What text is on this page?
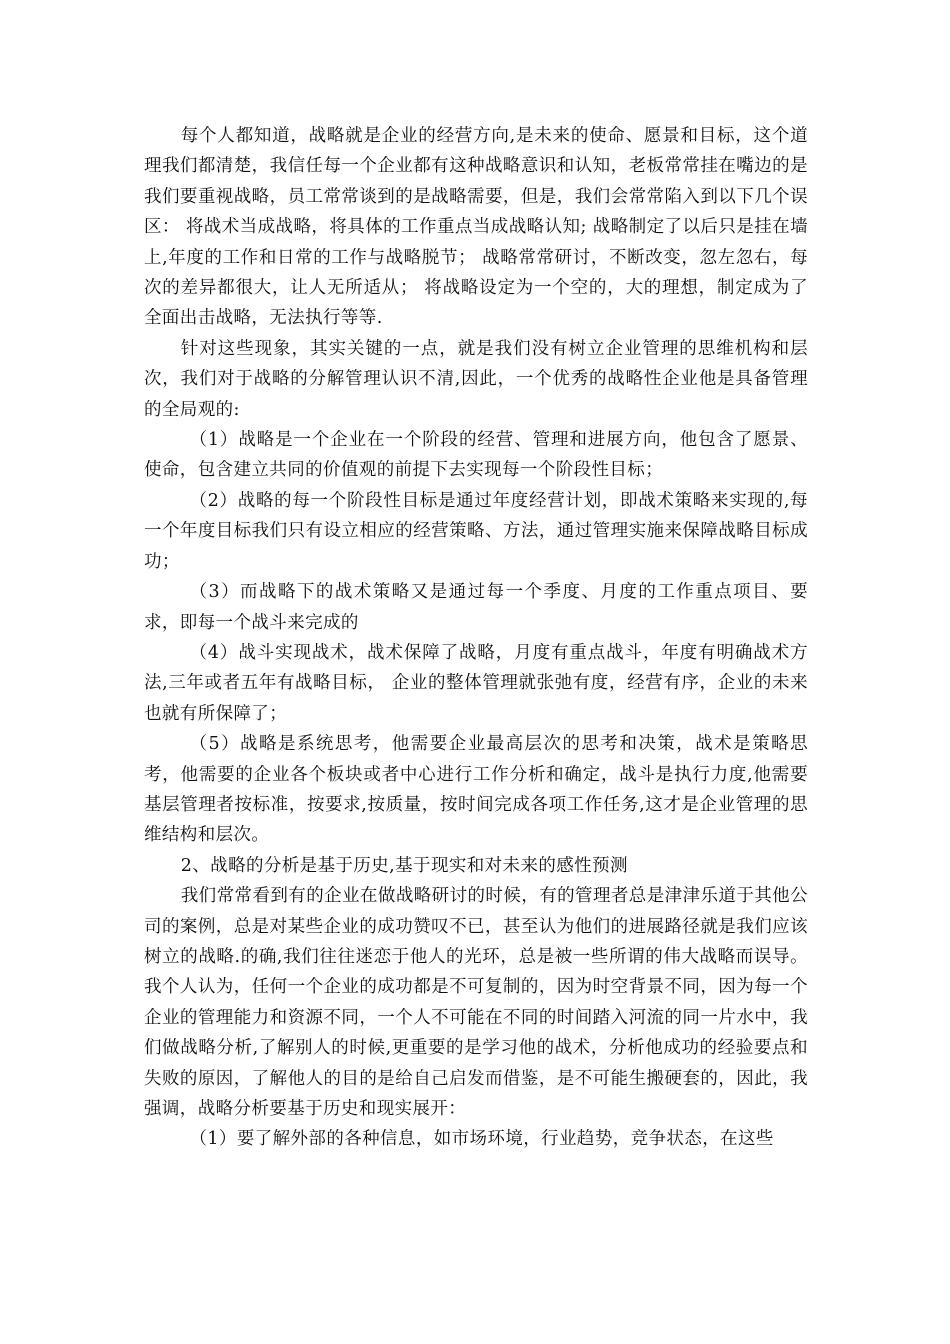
每个人都知道，战略就是企业的经营方向,是未来的使命、愿景和目标，这个道理我们都清楚，我信任每一个企业都有这种战略意识和认知，老板常常挂在嘴边的是我们要重视战略，员工常常谈到的是战略需要，但是，我们会常常陷入到以下几个误区： 将战术当成战略，将具体的工作重点当成战略认知; 战略制定了以后只是挂在墙上,年度的工作和日常的工作与战略脱节； 战略常常研讨，不断改变，忽左忽右，每次的差异都很大，让人无所适从； 将战略设定为一个空的，大的理想，制定成为了全面出击战略，无法执行等等.

针对这些现象，其实关键的一点，就是我们没有树立企业管理的思维机构和层次，我们对于战略的分解管理认识不清,因此，一个优秀的战略性企业他是具备管理的全局观的:

（1）战略是一个企业在一个阶段的经营、管理和进展方向，他包含了愿景、使命，包含建立共同的价值观的前提下去实现每一个阶段性目标；

（2）战略的每一个阶段性目标是通过年度经营计划，即战术策略来实现的,每一个年度目标我们只有设立相应的经营策略、方法，通过管理实施来保障战略目标成功；

（3）而战略下的战术策略又是通过每一个季度、月度的工作重点项目、要求，即每一个战斗来完成的

（4）战斗实现战术，战术保障了战略，月度有重点战斗，年度有明确战术方法,三年或者五年有战略目标， 企业的整体管理就张弛有度，经营有序，企业的未来也就有所保障了；

（5）战略是系统思考，他需要企业最高层次的思考和决策，战术是策略思考，他需要的企业各个板块或者中心进行工作分析和确定，战斗是执行力度,他需要基层管理者按标准，按要求,按质量，按时间完成各项工作任务,这才是企业管理的思维结构和层次。

2、战略的分析是基于历史,基于现实和对未来的感性预测

我们常常看到有的企业在做战略研讨的时候，有的管理者总是津津乐道于其他公司的案例，总是对某些企业的成功赞叹不已，甚至认为他们的进展路径就是我们应该树立的战略.的确,我们往往迷恋于他人的光环，总是被一些所谓的伟大战略而误导。我个人认为，任何一个企业的成功都是不可复制的，因为时空背景不同，因为每一个企业的管理能力和资源不同，一个人不可能在不同的时间踏入河流的同一片水中，我们做战略分析,了解别人的时候,更重要的是学习他的战术，分析他成功的经验要点和失败的原因，了解他人的目的是给自己启发而借鉴，是不可能生搬硬套的，因此，我强调，战略分析要基于历史和现实展开：

（1）要了解外部的各种信息，如市场环境，行业趋势，竞争状态，在这些
